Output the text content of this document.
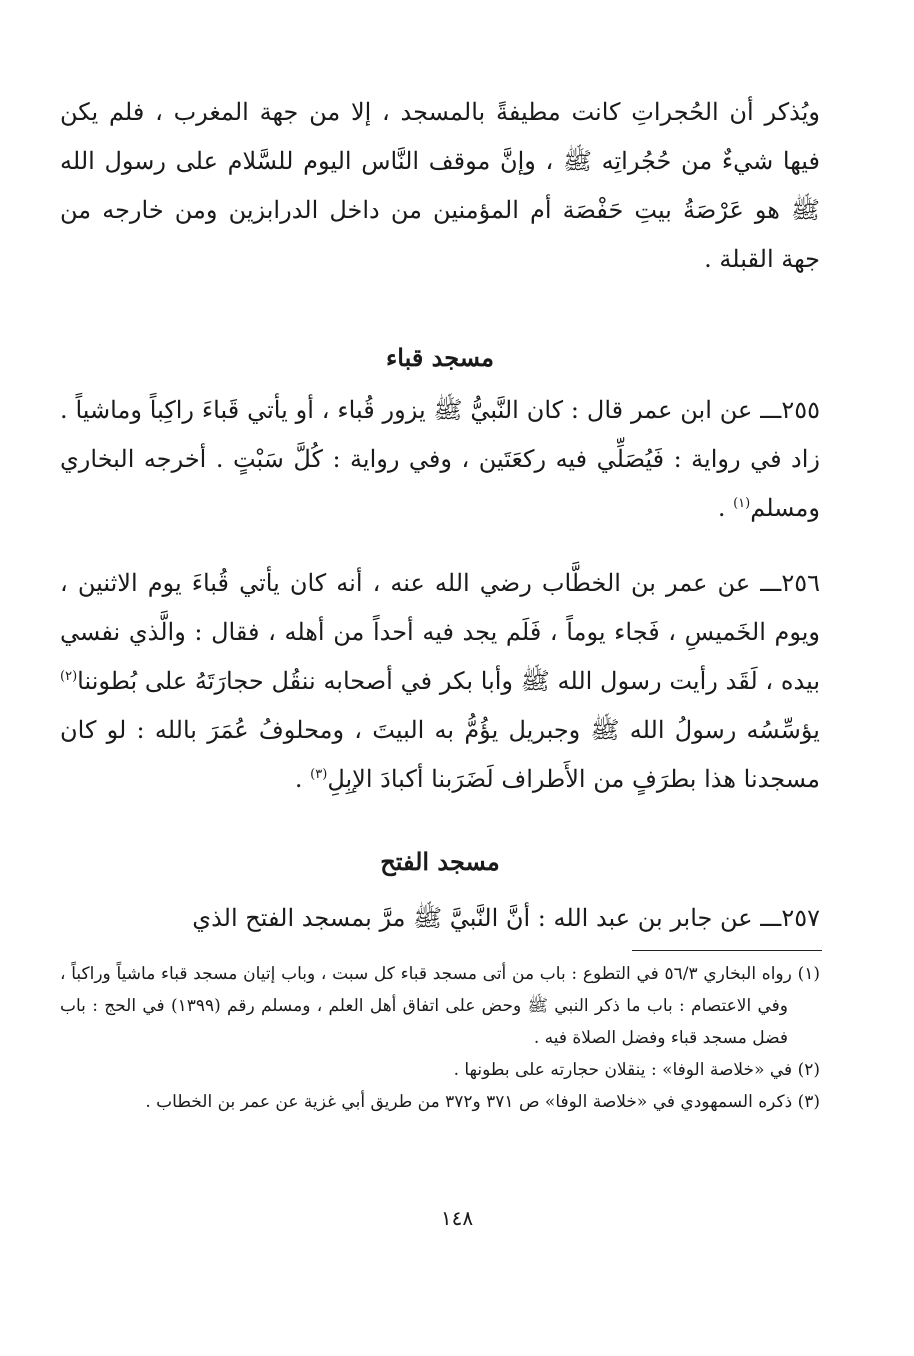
ويُذكر أن الحُجراتِ كانت مطيفةً بالمسجد ، إلا من جهة المغرب ، فلم يكن فيها شيءٌ من حُجُراتِه ﷺ ، وإنَّ موقف النَّاس اليوم للسَّلام على رسول الله ﷺ هو عَرْصَةُ بيتِ حَفْصَة أم المؤمنين من داخل الدرابزين ومن خارجه من جهة القبلة .

مسجد قباء

٢٥٥ـــ عن ابن عمر قال : كان النَّبيُّ ﷺ يزور قُباء ، أو يأتي قَباءَ راكِباً وماشياً . زاد في رواية : فَيُصَلِّي فيه ركعَتَين ، وفي رواية : كُلَّ سَبْتٍ . أخرجه البخاري ومسلم$^{(١)}$ .

٢٥٦ـــ عن عمر بن الخطَّاب رضي الله عنه ، أنه كان يأتي قُباءَ يوم الاثنين ، ويوم الخَميسِ ، فَجاء يوماً ، فَلَم يجد فيه أحداً من أهله ، فقال : والَّذي نفسي بيده ، لَقَد رأيت رسول الله ﷺ وأبا بكر في أصحابه ننقُل حجارَتَهُ على بُطوننا$^{(٢)}$ يؤسِّسُه رسولُ الله ﷺ وجبريل يؤُمُّ به البيتَ ، ومحلوفُ عُمَرَ بالله : لو كان مسجدنا هذا بطرَفٍ من الأَطراف لَضَرَبنا أكبادَ الإبِلِ$^{(٣)}$ .

مسجد الفتح

٢٥٧ـــ عن جابر بن عبد الله : أنَّ النَّبيَّ ﷺ مرَّ بمسجد الفتح الذي

(١) رواه البخاري ٥٦/٣ في التطوع : باب من أتى مسجد قباء كل سبت ، وباب إتيان مسجد قباء ماشياً وراكباً ، وفي الاعتصام : باب ما ذكر النبي ﷺ وحض على اتفاق أهل العلم ، ومسلم رقم (١٣٩٩) في الحج : باب فضل مسجد قباء وفضل الصلاة فيه .

(٢) في «خلاصة الوفا» : ينقلان حجارته على بطونها .

(٣) ذكره السمهودي في «خلاصة الوفا» ص ٣٧١ و٣٧٢ من طريق أبي غزية عن عمر بن الخطاب .

١٤٨
